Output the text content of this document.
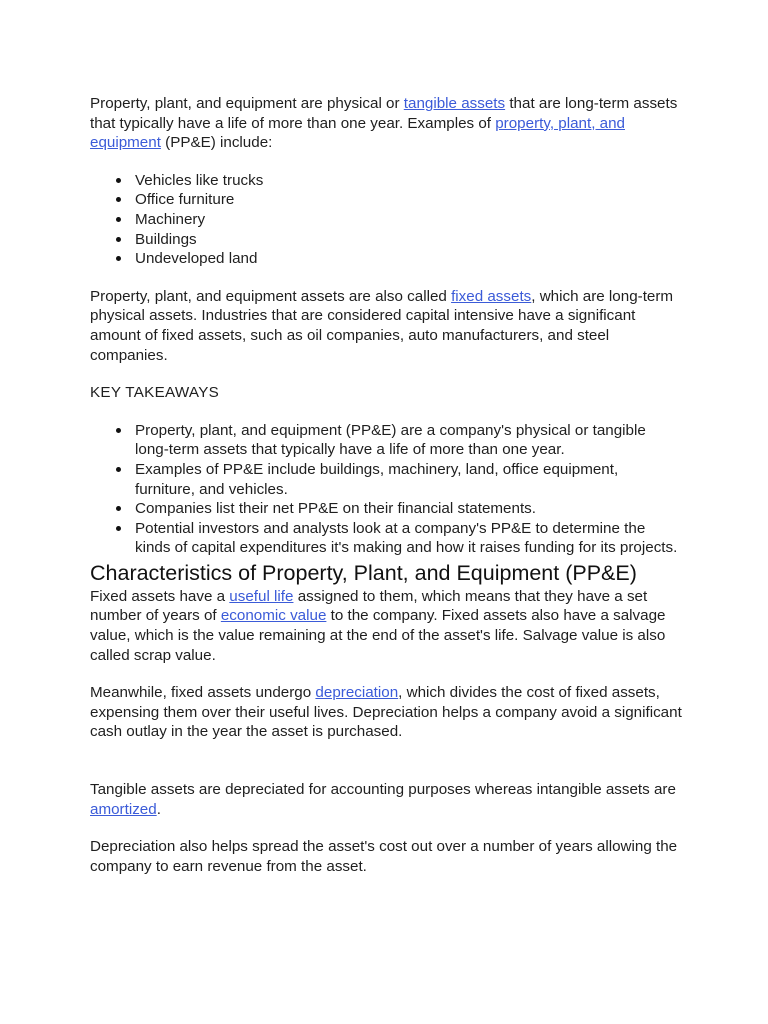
Property, plant, and equipment are physical or tangible assets that are long-term assets that typically have a life of more than one year. Examples of property, plant, and equipment (PP&E) include:

Vehicles like trucks
Office furniture
Machinery
Buildings
Undeveloped land

Property, plant, and equipment assets are also called fixed assets, which are long-term physical assets. Industries that are considered capital intensive have a significant amount of fixed assets, such as oil companies, auto manufacturers, and steel companies.

KEY TAKEAWAYS

Property, plant, and equipment (PP&E) are a company's physical or tangible long-term assets that typically have a life of more than one year.
Examples of PP&E include buildings, machinery, land, office equipment, furniture, and vehicles.
Companies list their net PP&E on their financial statements.
Potential investors and analysts look at a company's PP&E to determine the kinds of capital expenditures it's making and how it raises funding for its projects.
Characteristics of Property, Plant, and Equipment (PP&E)

Fixed assets have a useful life assigned to them, which means that they have a set number of years of economic value to the company. Fixed assets also have a salvage value, which is the value remaining at the end of the asset's life. Salvage value is also called scrap value.

Meanwhile, fixed assets undergo depreciation, which divides the cost of fixed assets, expensing them over their useful lives. Depreciation helps a company avoid a significant cash outlay in the year the asset is purchased.

Tangible assets are depreciated for accounting purposes whereas intangible assets are amortized.

Depreciation also helps spread the asset's cost out over a number of years allowing the company to earn revenue from the asset.
